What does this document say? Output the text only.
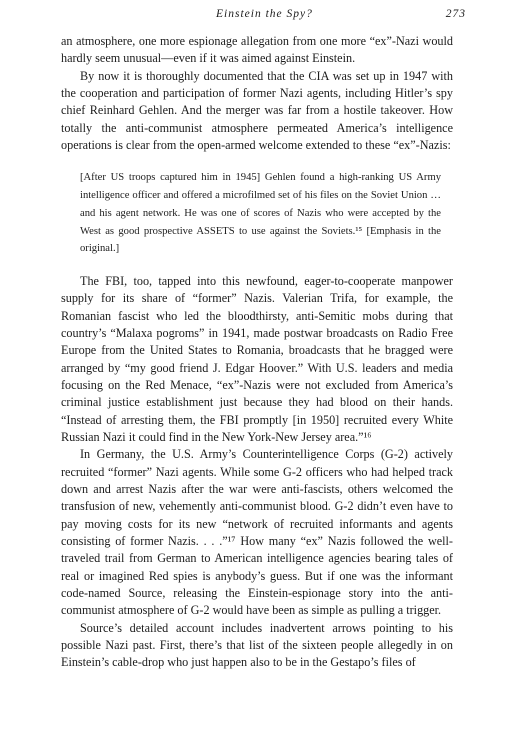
Einstein the Spy?	273

an atmosphere, one more espionage allegation from one more “ex”-Nazi would hardly seem unusual—even if it was aimed against Einstein.

By now it is thoroughly documented that the CIA was set up in 1947 with the cooperation and participation of former Nazi agents, including Hitler’s spy chief Reinhard Gehlen. And the merger was far from a hostile takeover. How totally the anti-communist atmosphere permeated America’s intelligence operations is clear from the open-armed welcome extended to these “ex”-Nazis:

[After US troops captured him in 1945] Gehlen found a high-ranking US Army intelligence officer and offered a microfilmed set of his files on the Soviet Union … and his agent network. He was one of scores of Nazis who were accepted by the West as good prospective ASSETS to use against the Soviets.¹⁵ [Emphasis in the original.]

The FBI, too, tapped into this newfound, eager-to-cooperate manpower supply for its share of “former” Nazis. Valerian Trifa, for example, the Romanian fascist who led the bloodthirsty, anti-Semitic mobs during that country’s “Malaxa pogroms” in 1941, made postwar broadcasts on Radio Free Europe from the United States to Romania, broadcasts that he bragged were arranged by “my good friend J. Edgar Hoover.” With U.S. leaders and media focusing on the Red Menace, “ex”-Nazis were not excluded from America’s criminal justice establishment just because they had blood on their hands. “Instead of arresting them, the FBI promptly [in 1950] recruited every White Russian Nazi it could find in the New York-New Jersey area.”¹⁶

In Germany, the U.S. Army’s Counterintelligence Corps (G-2) actively recruited “former” Nazi agents. While some G-2 officers who had helped track down and arrest Nazis after the war were anti-fascists, others welcomed the transfusion of new, vehemently anti-communist blood. G-2 didn’t even have to pay moving costs for its new “network of recruited informants and agents consisting of former Nazis. . . .”¹⁷ How many “ex” Nazis followed the well-traveled trail from German to American intelligence agencies bearing tales of real or imagined Red spies is anybody’s guess. But if one was the informant code-named Source, releasing the Einstein-espionage story into the anti-communist atmosphere of G-2 would have been as simple as pulling a trigger.

Source’s detailed account includes inadvertent arrows pointing to his possible Nazi past. First, there’s that list of the sixteen people allegedly in on Einstein’s cable-drop who just happen also to be in the Gestapo’s files of
